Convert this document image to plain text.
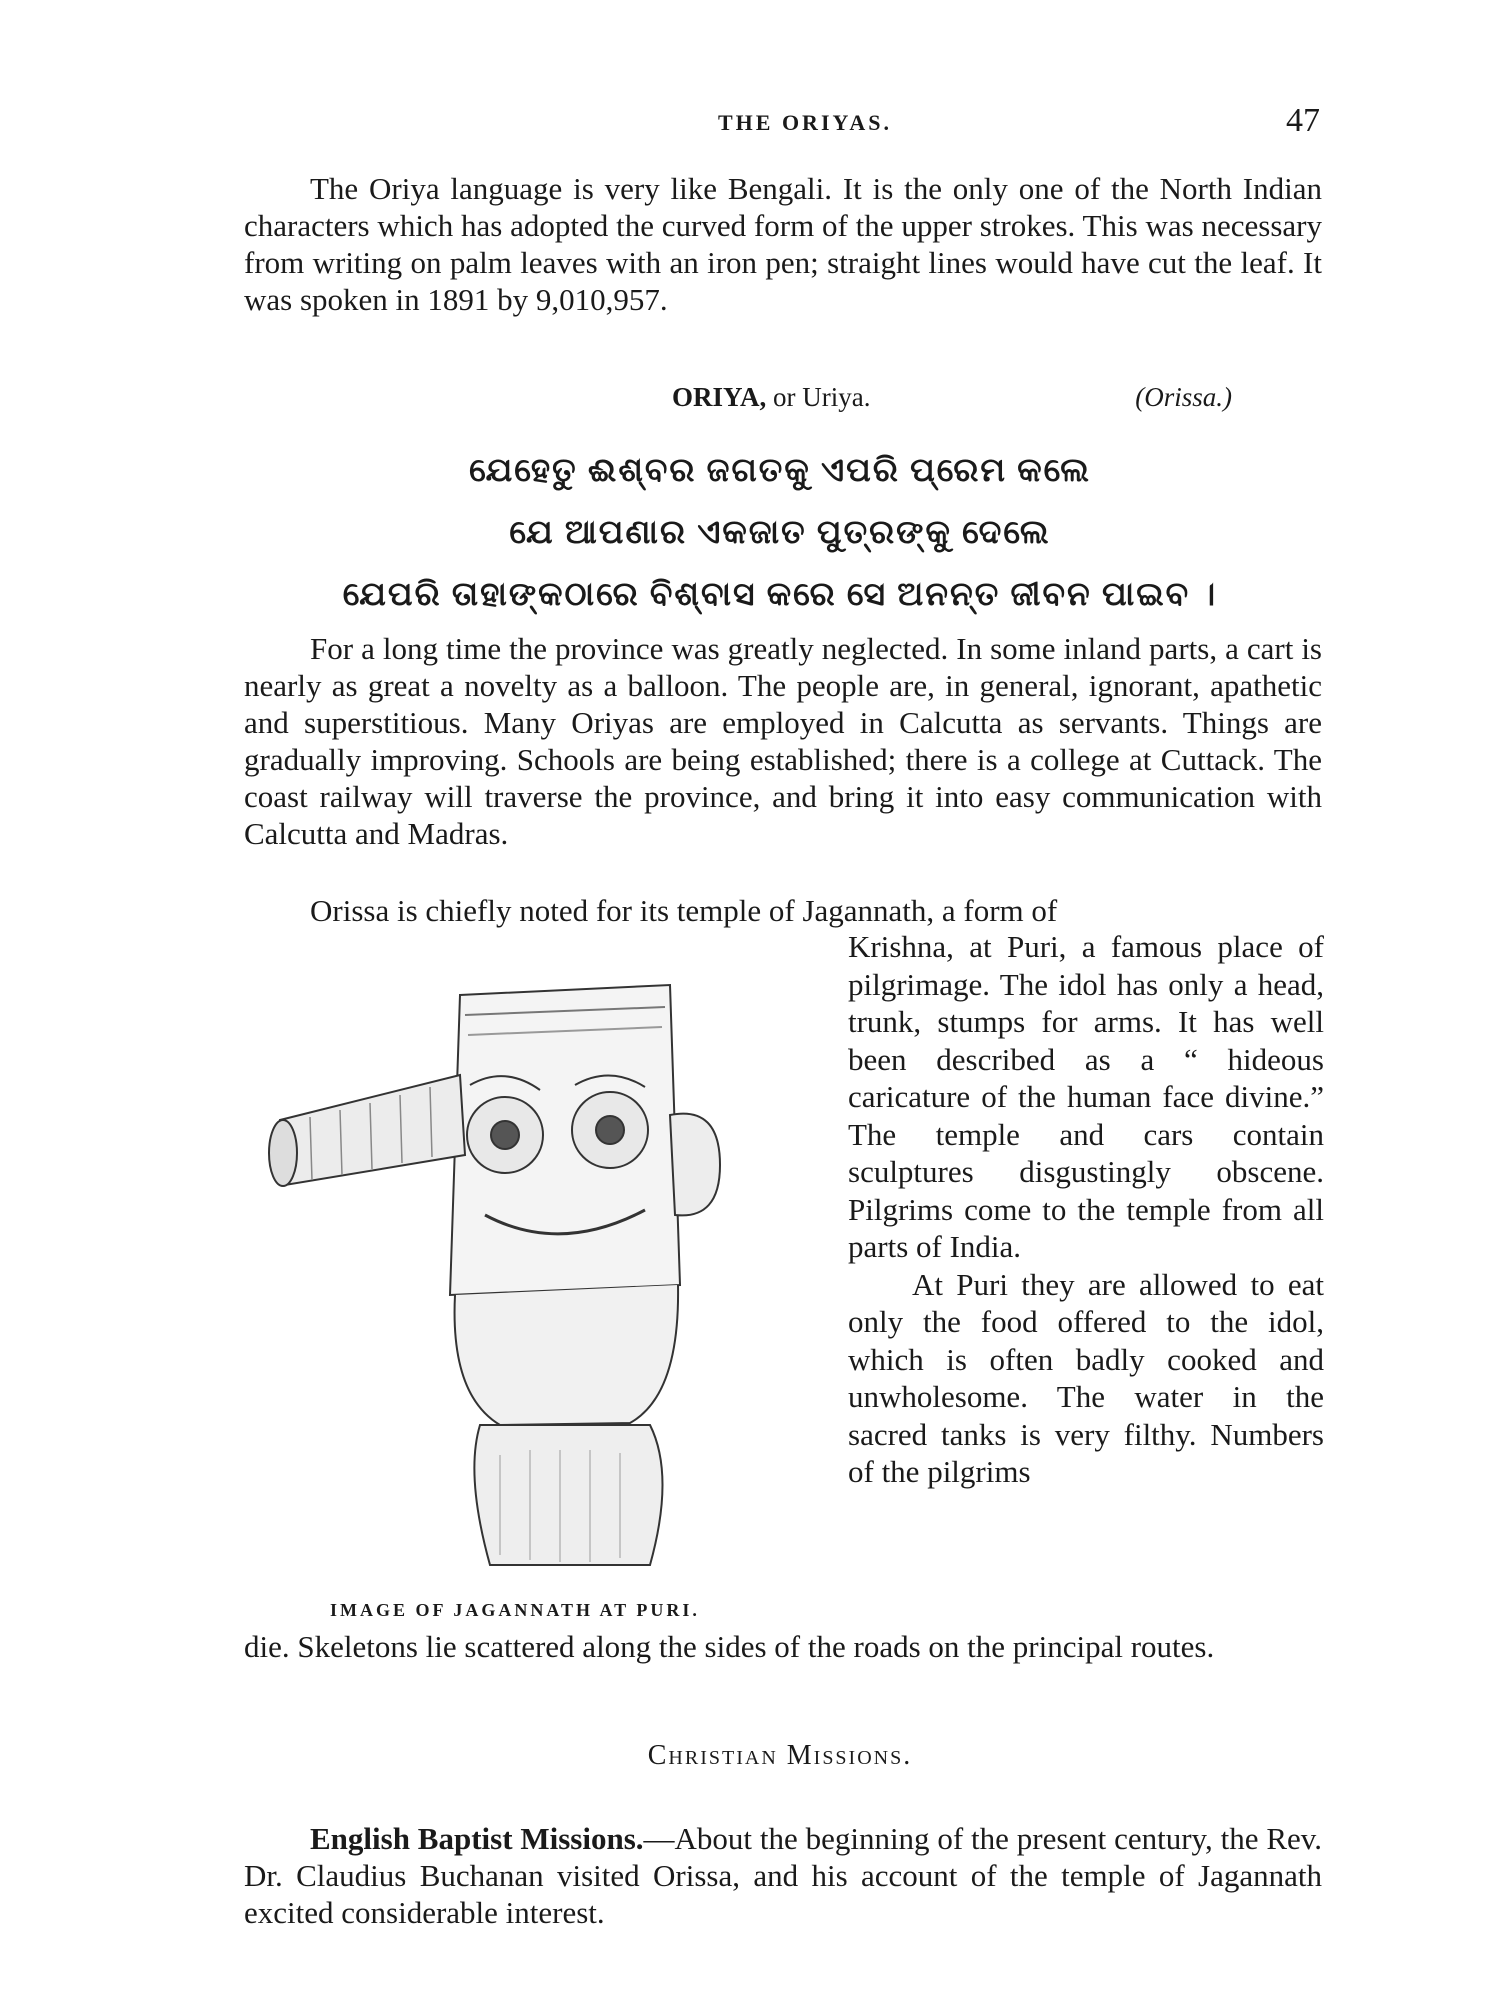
THE ORIYAS.	47

The Oriya language is very like Bengali. It is the only one of the North Indian characters which has adopted the curved form of the upper strokes. This was necessary from writing on palm leaves with an iron pen; straight lines would have cut the leaf. It was spoken in 1891 by 9,010,957.

ORIYA, or Uriya.	(Orissa.)
ଯେହେତୁ ଈଶ୍ବର ଜଗତକୁ ଏପରି ପ୍ରେମ କଲେ
ଯେ ଆପଣାର ଏକଜାତ ପୁତ୍ରଙ୍କୁ ଦେଲେ
ଯେପରି ତାହାଙ୍କଠାରେ ବିଶ୍ବାସ କରେ ସେ ଅନନ୍ତ ଜୀବନ ପାଇବ ।

For a long time the province was greatly neglected. In some inland parts, a cart is nearly as great a novelty as a balloon. The people are, in general, ignorant, apathetic and superstitious. Many Oriyas are employed in Calcutta as servants. Things are gradually improving. Schools are being established; there is a college at Cuttack. The coast railway will traverse the province, and bring it into easy communication with Calcutta and Madras.

Orissa is chiefly noted for its temple of Jagannath, a form of

IMAGE OF JAGANNATH AT PURI.
Krishna, at Puri, a famous place of pilgrimage. The idol has only a head, trunk, stumps for arms. It has well been described as a “ hideous caricature of the human face divine.” The temple and cars contain sculptures disgustingly obscene. Pilgrims come to the temple from all parts of India.
At Puri they are allowed to eat only the food offered to the idol, which is often badly cooked and unwholesome. The water in the sacred tanks is very filthy. Numbers of the pilgrims

die. Skeletons lie scattered along the sides of the roads on the principal routes.

Christian Missions.

English Baptist Missions.—About the beginning of the present century, the Rev. Dr. Claudius Buchanan visited Orissa, and his account of the temple of Jagannath excited considerable interest.
